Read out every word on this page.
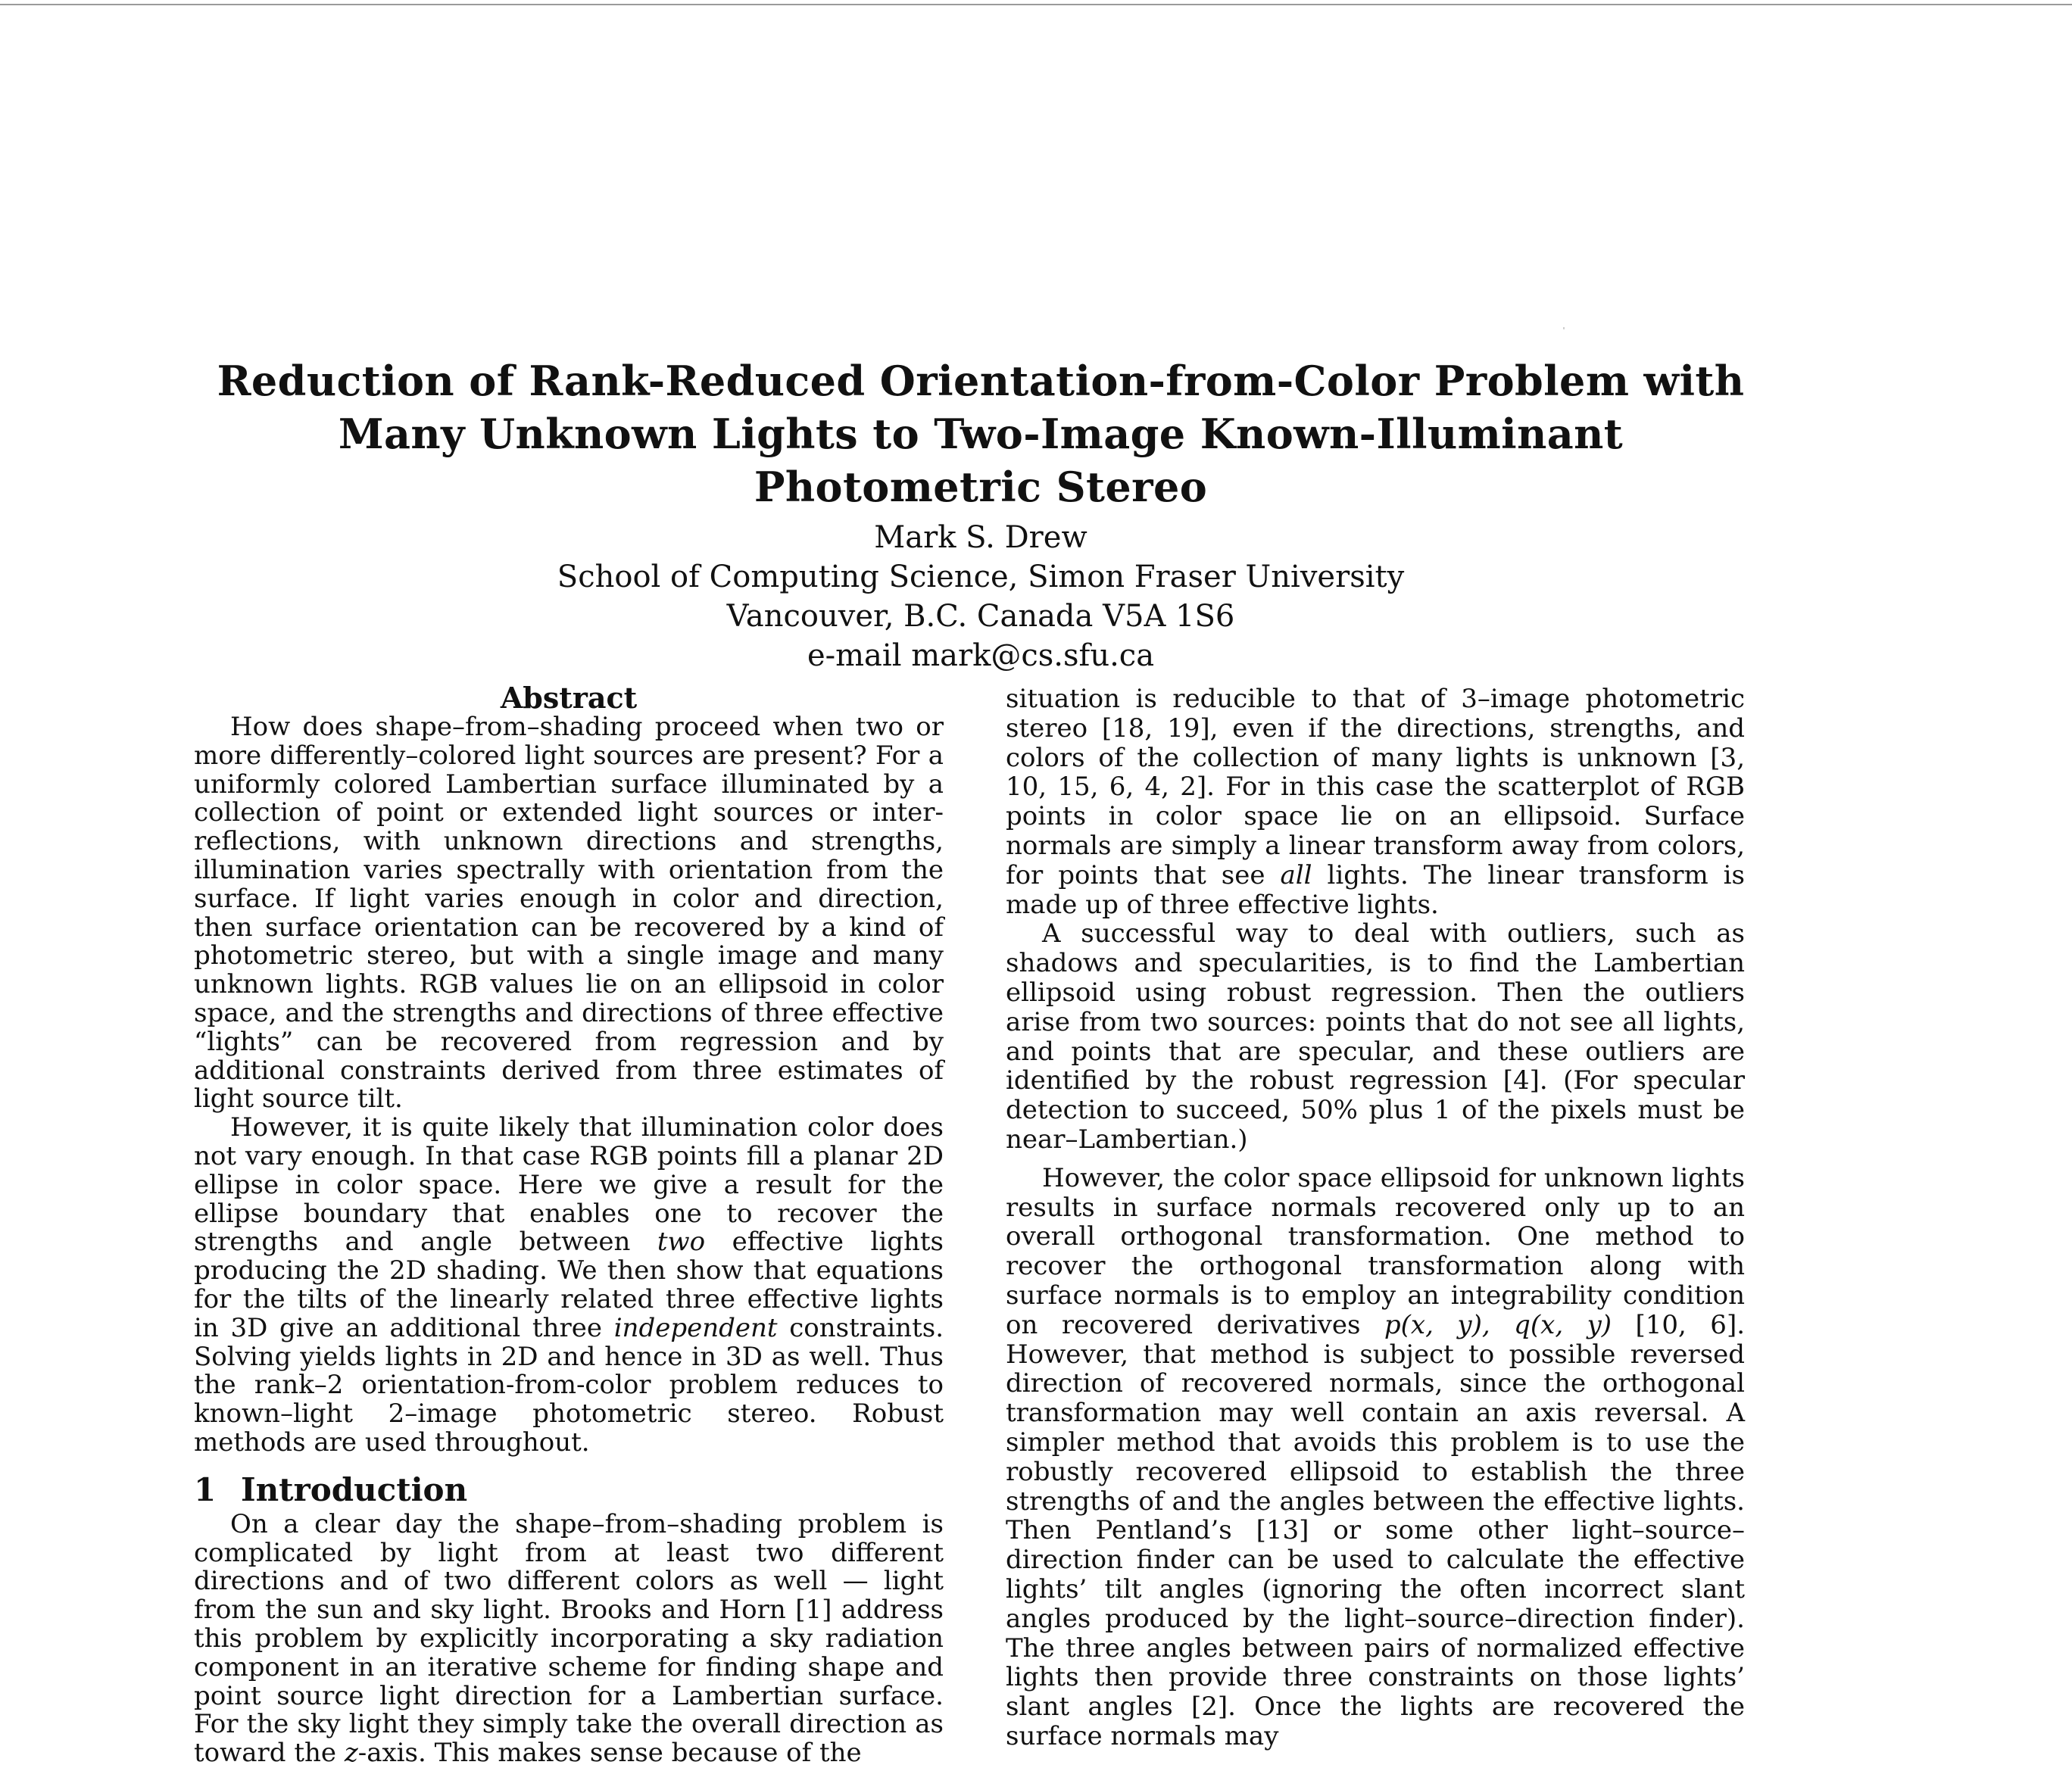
Reduction of Rank-Reduced Orientation-from-Color Problem with
Many Unknown Lights to Two-Image Known-Illuminant
Photometric Stereo
Mark S. Drew
School of Computing Science, Simon Fraser University
Vancouver, B.C. Canada V5A 1S6
e-mail mark@cs.sfu.ca
Abstract

How does shape–from–shading proceed when two or more differently–colored light sources are present? For a uniformly colored Lambertian surface illuminated by a collection of point or extended light sources or inter-reflections, with unknown directions and strengths, illumination varies spectrally with orientation from the surface. If light varies enough in color and direction, then surface orientation can be recovered by a kind of photometric stereo, but with a single image and many unknown lights. RGB values lie on an ellipsoid in color space, and the strengths and directions of three effective “lights” can be recovered from regression and by additional constraints derived from three estimates of light source tilt.

However, it is quite likely that illumination color does not vary enough. In that case RGB points fill a planar 2D ellipse in color space. Here we give a result for the ellipse boundary that enables one to recover the strengths and angle between two effective lights producing the 2D shading. We then show that equations for the tilts of the linearly related three effective lights in 3D give an additional three independent constraints. Solving yields lights in 2D and hence in 3D as well. Thus the rank–2 orientation-from-color problem reduces to known–light 2–image photometric stereo. Robust methods are used throughout.

1 Introduction

On a clear day the shape–from–shading problem is complicated by light from at least two different directions and of two different colors as well — light from the sun and sky light. Brooks and Horn [1] address this problem by explicitly incorporating a sky radiation component in an iterative scheme for finding shape and point source light direction for a Lambertian surface. For the sky light they simply take the overall direction as toward the z-axis. This makes sense because of the

situation is reducible to that of 3–image photometric stereo [18, 19], even if the directions, strengths, and colors of the collection of many lights is unknown [3, 10, 15, 6, 4, 2]. For in this case the scatterplot of RGB points in color space lie on an ellipsoid. Surface normals are simply a linear transform away from colors, for points that see all lights. The linear transform is made up of three effective lights.

A successful way to deal with outliers, such as shadows and specularities, is to find the Lambertian ellipsoid using robust regression. Then the outliers arise from two sources: points that do not see all lights, and points that are specular, and these outliers are identified by the robust regression [4]. (For specular detection to succeed, 50% plus 1 of the pixels must be near–Lambertian.)

However, the color space ellipsoid for unknown lights results in surface normals recovered only up to an overall orthogonal transformation. One method to recover the orthogonal transformation along with surface normals is to employ an integrability condition on recovered derivatives p(x, y), q(x, y) [10, 6]. However, that method is subject to possible reversed direction of recovered normals, since the orthogonal transformation may well contain an axis reversal. A simpler method that avoids this problem is to use the robustly recovered ellipsoid to establish the three strengths of and the angles between the effective lights. Then Pentland’s [13] or some other light–source–direction finder can be used to calculate the effective lights’ tilt angles (ignoring the often incorrect slant angles produced by the light–source–direction finder). The three angles between pairs of normalized effective lights then provide three constraints on those lights’ slant angles [2]. Once the lights are recovered the surface normals may
